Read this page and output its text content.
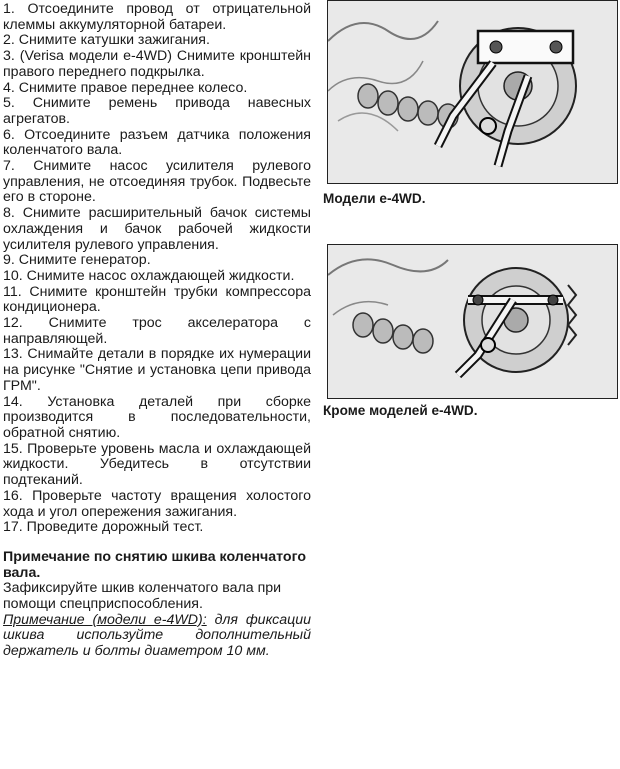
1. Отсоедините провод от отрицательной клеммы аккумуляторной батареи.

2. Снимите катушки зажигания.

3. (Verisa модели e-4WD) Снимите кронштейн правого переднего подкрылка.

4. Снимите правое переднее колесо.

5. Снимите ремень привода навесных агрегатов.

6. Отсоедините разъем датчика положения коленчатого вала.

7. Снимите насос усилителя рулевого управления, не отсоединяя трубок. Подвесьте его в стороне.

8. Снимите расширительный бачок системы охлаждения и бачок рабочей жидкости усилителя рулевого управления.

9. Снимите генератор.

10. Снимите насос охлаждающей жидкости.

11. Снимите кронштейн трубки компрессора кондиционера.

12. Снимите трос акселератора с направляющей.

13. Снимайте детали в порядке их нумерации на рисунке "Снятие и установка цепи привода ГРМ".

14. Установка деталей при сборке производится в последовательности, обратной снятию.

15. Проверьте уровень масла и охлаждающей жидкости. Убедитесь в отсутствии подтеканий.

16. Проверьте частоту вращения холостого хода и угол опережения зажигания.

17. Проведите дорожный тест.

Примечание по снятию шкива коленчатого вала.

Зафиксируйте шкив коленчатого вала при помощи спецприспособления.

Примечание (модели e-4WD): для фиксации шкива используйте дополнительный держатель и болты диаметром 10 мм.

Модели e-4WD.
Кроме моделей e-4WD.
